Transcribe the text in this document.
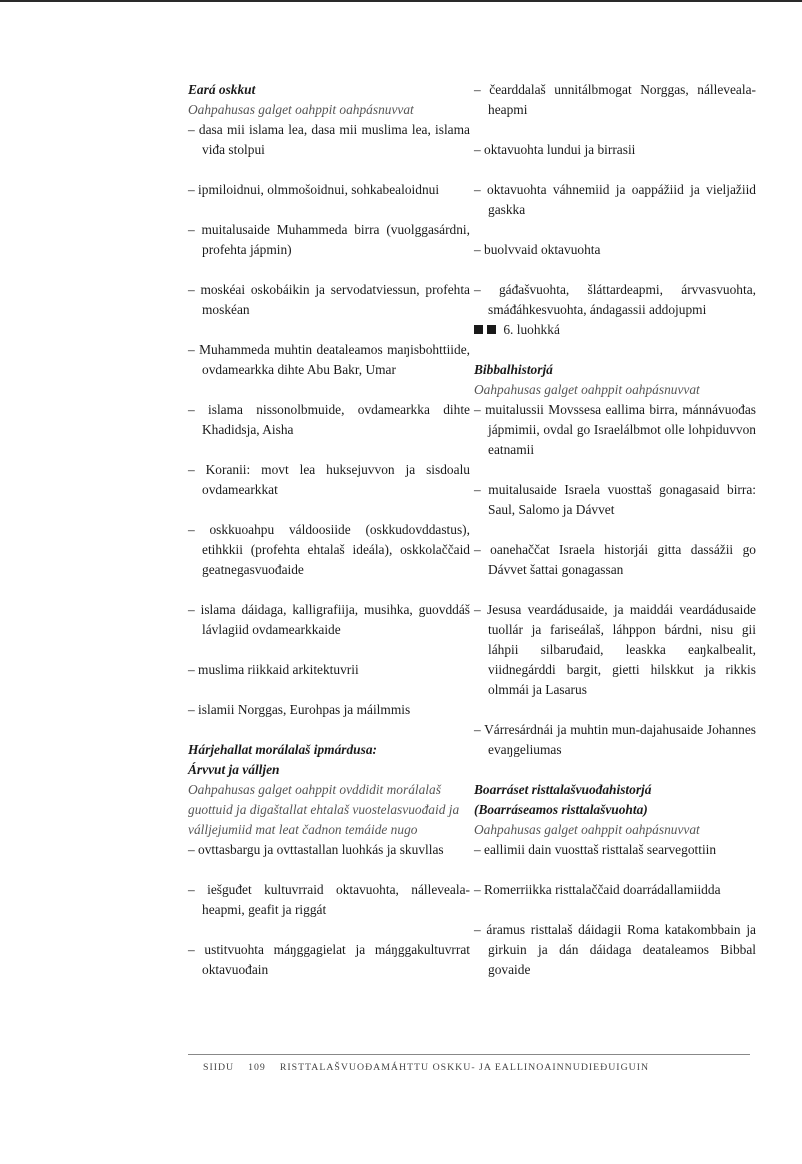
Eará oskkut

Oahpahusas galget oahppit oahpásnuvvat

– dasa mii islama lea, dasa mii muslima lea, islama viđa stolpui

– ipmiloidnui, olmmošoidnui, sohkabealoidnui

– muitalusaide Muhammeda birra (vuolggasárdni, profehta jápmin)

– moskéai oskobáikin ja servodatviessun, profehta moskéan

– Muhammeda muhtin deataleamos maŋisbohttiide, ovdamearkka dihte Abu Bakr, Umar

– islama nissonolbmuide, ovdamearkka dihte Khadidsja, Aisha

– Koranii: movt lea huksejuvvon ja sisdoalu ovdamearkkat

– oskkuoahpu váldoosiide (oskkudovddastus), etihkkii (profehta ehtalaš ideála), oskkolaččaid geatnegasvuođaide

– islama dáidaga, kalligrafiija, musihka, guovddáš lávlagiid ovdamearkkaide

– muslima riikkaid arkitektuvrii

– islamii Norggas, Eurohpas ja máilmmis

Hárjehallat morálalaš ipmárdusa:

Árvvut ja válljen

Oahpahusas galget oahppit ovddidit morálalaš guottuid ja digaštallat ehtalaš vuostelasvuođaid ja válljejumiid mat leat čadnon temáide nugo

– ovttasbargu ja ovttastallan luohkás ja skuvllas

– iešguđet kultuvrraid oktavuohta, nálleveala-heapmi, geafit ja riggát

– ustitvuohta máŋggagielat ja máŋggakultuvrrat oktavuođain

– čearddalaš unnitálbmogat Norggas, nálleveala-heapmi

– oktavuohta lundui ja birrasii

– oktavuohta váhnemiid ja oappážiid ja vieljažiid gaskka

– buolvvaid oktavuohta

– gáđašvuohta, šláttardeapmi, árvvasvuohta, smáđáhkesvuohta, ándagassii addojupmi

6. luohkká

Bibbalhistorjá

Oahpahusas galget oahppit oahpásnuvvat

– muitalussii Movssesa eallima birra, mánnávuođas jápmimii, ovdal go Israelálbmot olle lohpiduvvon eatnamii

– muitalusaide Israela vuosttaš gonagasaid birra: Saul, Salomo ja Dávvet

– oanehaččat Israela historjái gitta dassážii go Dávvet šattai gonagassan

– Jesusa veardádusaide, ja maiddái veardádusaide tuollár ja fariseálaš, láhppon bárdni, nisu gii láhpii silbaruđaid, leaskka eaŋkalbealit, viidnegárddi bargit, gietti hilskkut ja rikkis olmmái ja Lasarus

– Várresárdnái ja muhtin mun-dajahusaide Johannes evaŋgeliumas

Boarráset risttalašvuođahistorjá

(Boarráseamos risttalašvuohta)

Oahpahusas galget oahppit oahpásnuvvat

– eallimii dain vuosttaš risttalaš searvegottiin

– Romerriikka risttalaččaid doarrádallamiidda

– áramus risttalaš dáidagii Roma katakombbain ja girkuin ja dán dáidaga deataleamos Bibbal govaide

SIIDU 109 RISTTALAŠVUOĐAMÁHTTU OSKKU- JA EALLINOAINNUDIEĐUIGUIN
